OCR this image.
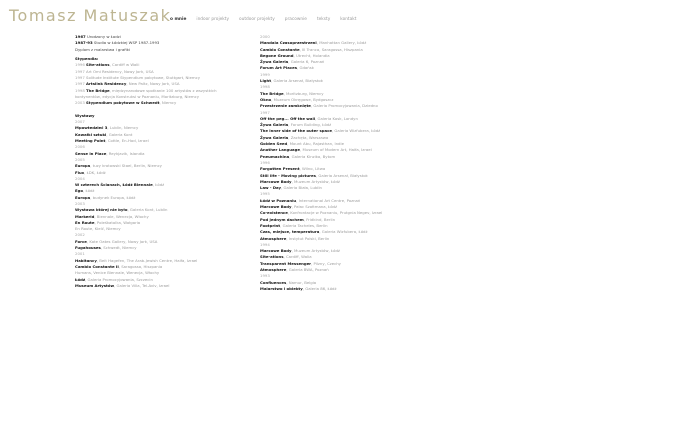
Tomasz Matuszak
o mnie indoor projekty outdoor projekty pracownie teksty kontakt
1967 Urodzony w Łodzi
1987-93 Studia w Łódzkiej WSP 1987-1993
Dyplom z malarstwa i grafiki
Stypendia:
1996 Site-ations, Cardiff w Walii
1997 Art Omi Residency, Nowy Jork, USA
1997 Solitude Institute Stypendium pobytowe, Stuttgart, Niemcy
1997 Artslink Residency, New Paltz, Nowy Jork, USA
1998 The Bridge, międzynarodowe spotkanie 100 artystów z wszystkich
kontynentów, edycja Konstruksi w Poznaniu, Moritzburg, Niemcy
2003 Stypendium pobytowe w Schwedt, Niemcy
Wystawy
2007
Mpowtedzieć 3, Lublin, Niemcy
Kawałki sztuki, Galeria Kont
Meeting Point, Cottle, En-Hod, Izrael
2006
Sense in Place, Reykjavik, Islandia
2005
Europa, tuzy krotowski Stael, Berlin, Niemcy
Flux, ŁDK, Łódź
2004
W czterech Ścianach, Łódź Biennale, Łódź
Ego, Łódź
Europa, budynek Europa, Łódź
2003
Wystawa której nie było, Galeria Kont, Lublin
Markerid, Biennale, Wenecja, Włochy
En Route, Poleśkatolka, Wołgaria
En Route, Kielć, Niemcy
2002
Force, Kate Oates Gallery, Nowy Jork, USA
Fugahouses, Schwedt, Niemcy
2001
Habitancy, Beit Hagefen, The Arab-Jewish Centre, Haifa, Izrael
Cambio Constante II, Saragossa, Hiszpania
Humans, Venice Biennale, Wenecja, Włochy
Łódź, Galeria Promocyjowania, Szczecin
Museum Artystów, Galeria Villa, Tel-Aviv, Izrael
2000
Mandala Czasoprzestrzeni, Manhattan Gallery, Łódź
Cambio Constante, III Tranca, Saragossa, Hiszpania
Begone Ground, Utrecht, Holandia
Żywa Galeria, Galeria 6, Poznań
Forum Art Places, Gdańsk
1999
Light, Galeria Arsenał, Białystok
1998
The Bridge, Moritzburg, Niemcy
Okno, Muzeum Okręgowe, Bydgoszcz
Przestrzenie zamknięte, Galeria Promocyjowania, Dziedno
1997
Off the peg... Off the wall, Galeria Kosk, Londyn
Żywa Galeria, Forum Building, Łódź
The inner side of the outer space, Galeria Wizfubera, Łódź
Żywa Galeria, Zachęta, Warszawa
Golden Seed, Mount Abu, Rajasthan, Indie
Another Language, Museum of Modern Art, Haifa, Izrael
Pneumachina, Galeria Kinzika, Bytom
1996
Forgotten Present, Wilno, Litwa
Still life - Moving pictures, Galeria Arsenał, Białystok
Marcowe Body, Muzeum Artystów, Łódź
Law - Day, Galeria Biała, Lublin
1995
Łódź w Poznaniu, International Art Centre, Poznań
Marcowe Body, Pałac Szołtmana, Łódź
Co-existence, Konfrontacje w Poznaniu, Prutgnia Negev, Izrael
Pod jednym dachem, Fridkind, Berlin
Footprint, Galeria Tacheles, Berlin
Czas, miejsce, temperatura, Galeria Wizfubera, Łódź
Atmosphere, Instytut Polski, Berlin
1994
Marcowe Body, Muzeum Artystów, Łódź
Site-ations, Cardiff, Walia
Transparent Messenger, Pilzny, Czechy
Atmosphere, Galeria BWA, Poznań
1993
Confluences, Namur, Belgia
Malarstwo i obiekty, Galeria 86, Łódź
